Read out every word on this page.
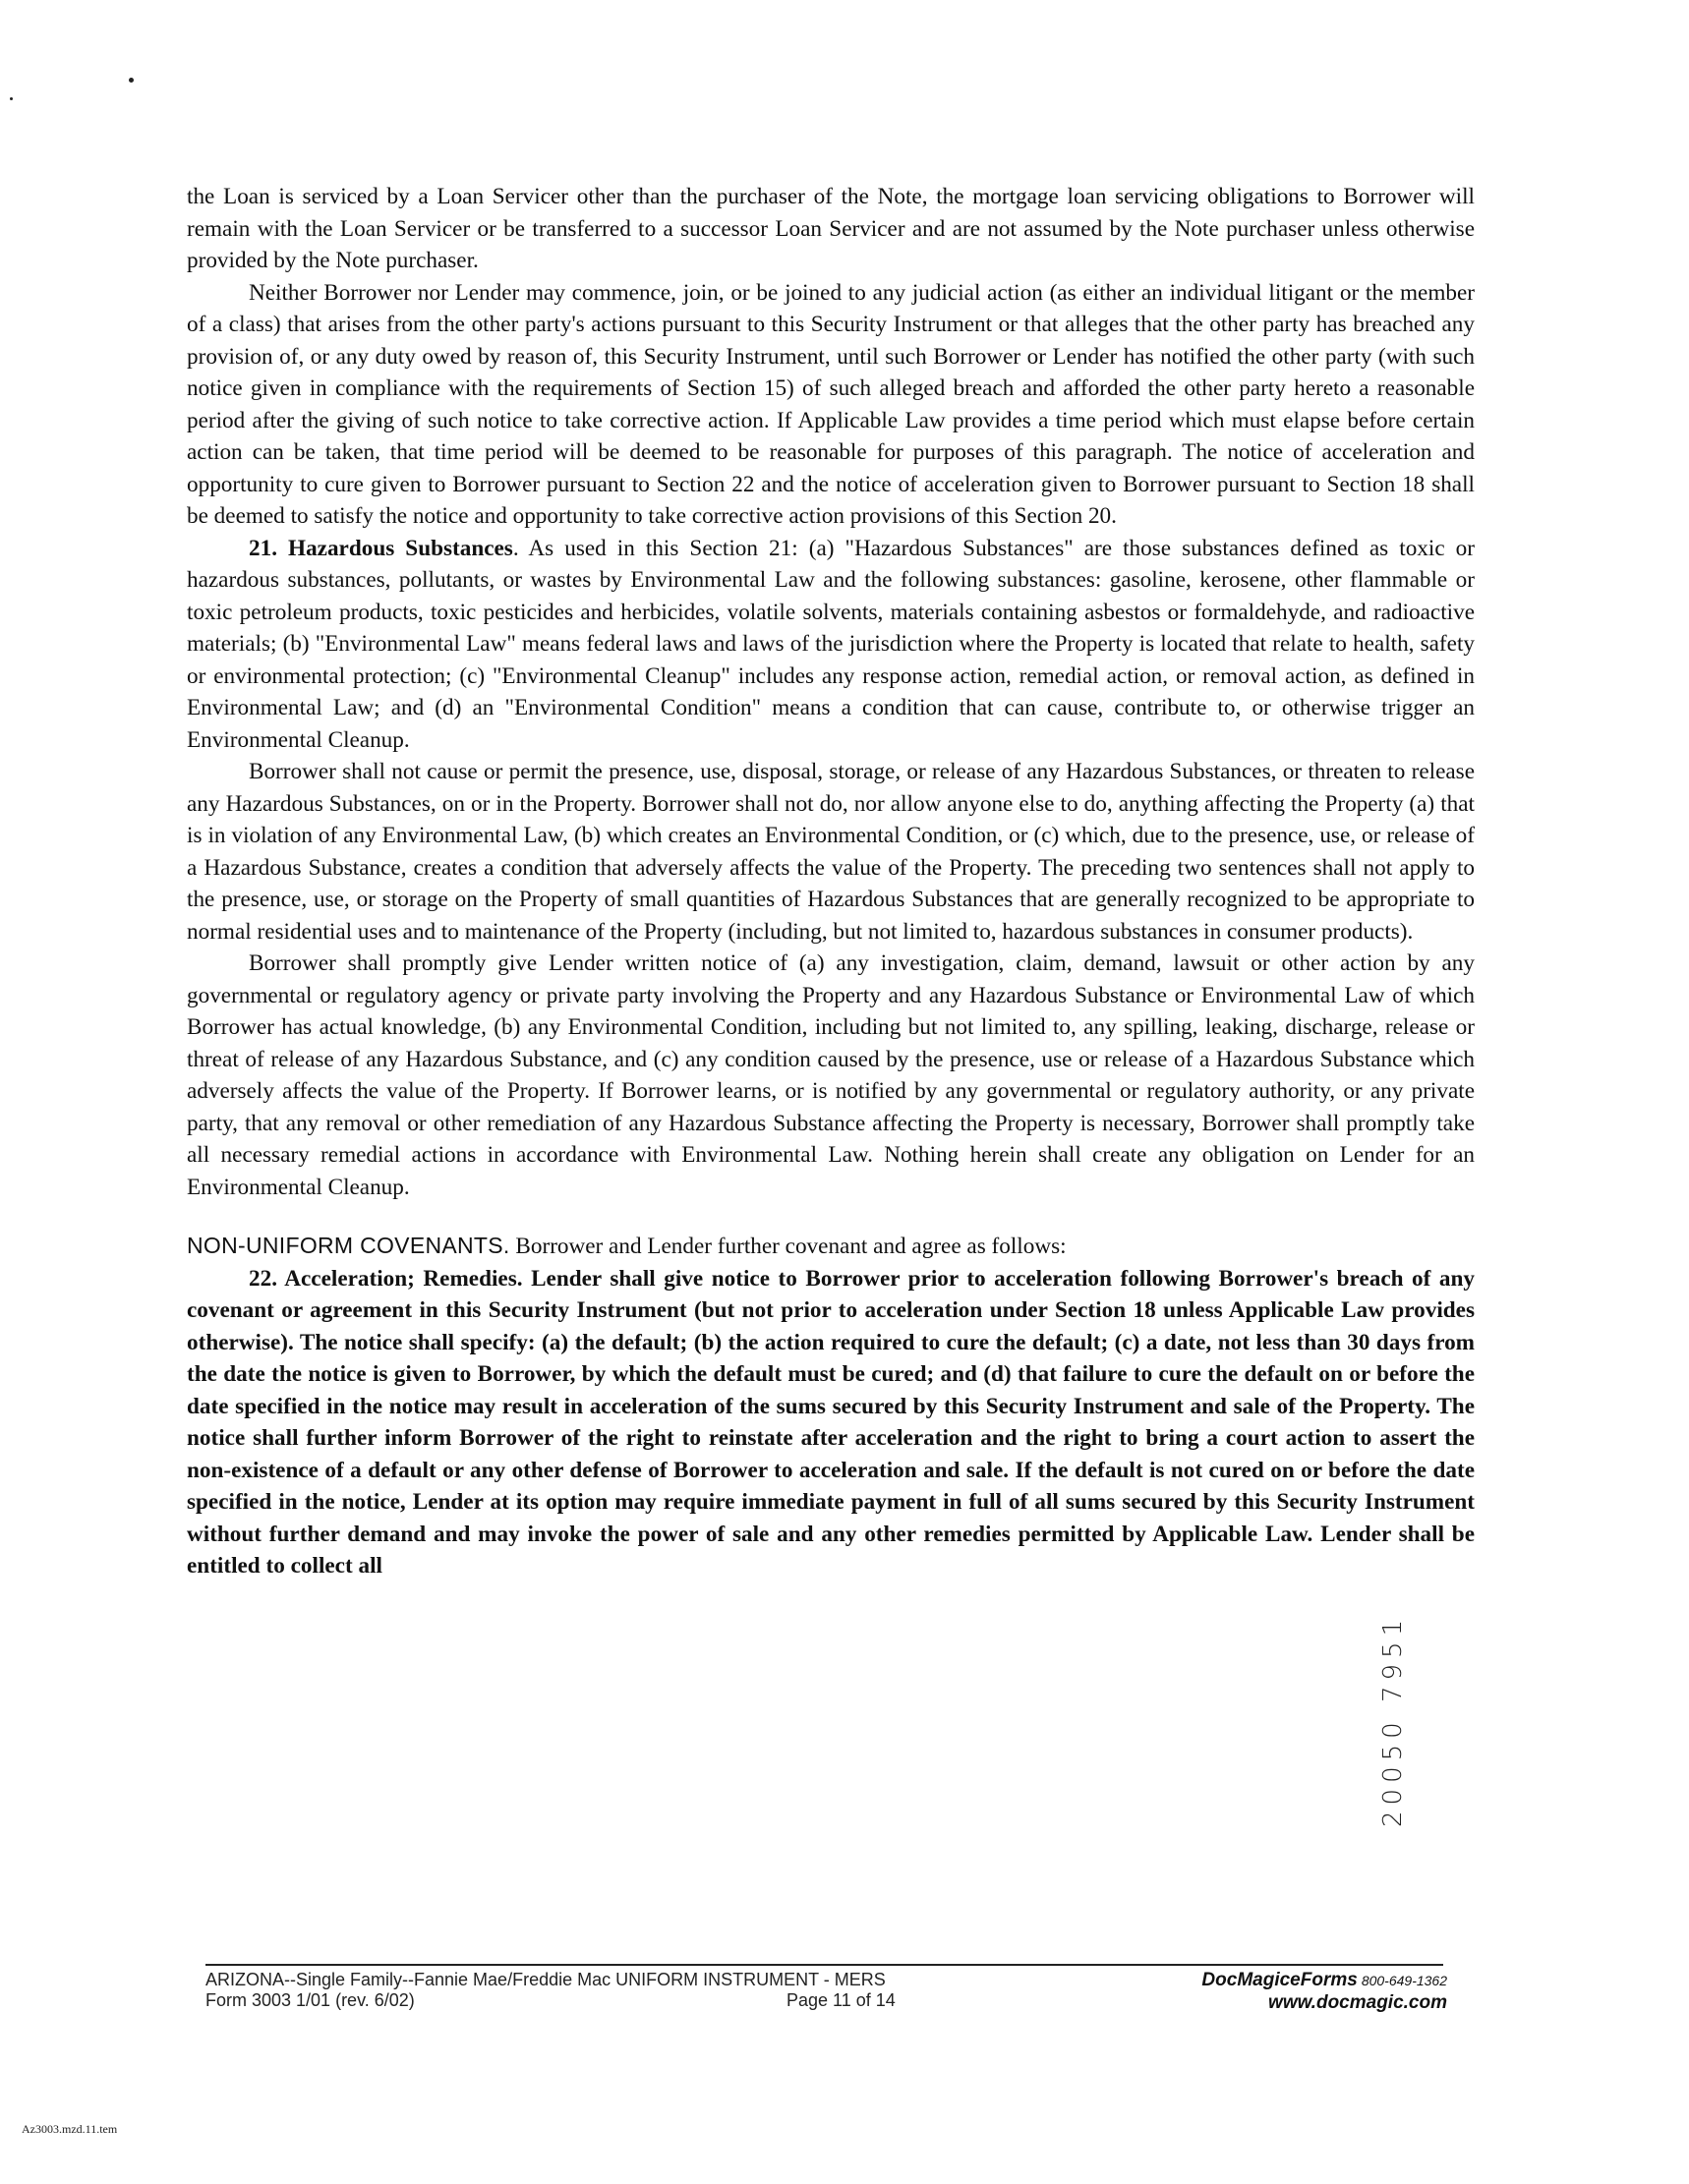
the Loan is serviced by a Loan Servicer other than the purchaser of the Note, the mortgage loan servicing obligations to Borrower will remain with the Loan Servicer or be transferred to a successor Loan Servicer and are not assumed by the Note purchaser unless otherwise provided by the Note purchaser.

Neither Borrower nor Lender may commence, join, or be joined to any judicial action (as either an individual litigant or the member of a class) that arises from the other party's actions pursuant to this Security Instrument or that alleges that the other party has breached any provision of, or any duty owed by reason of, this Security Instrument, until such Borrower or Lender has notified the other party (with such notice given in compliance with the requirements of Section 15) of such alleged breach and afforded the other party hereto a reasonable period after the giving of such notice to take corrective action. If Applicable Law provides a time period which must elapse before certain action can be taken, that time period will be deemed to be reasonable for purposes of this paragraph. The notice of acceleration and opportunity to cure given to Borrower pursuant to Section 22 and the notice of acceleration given to Borrower pursuant to Section 18 shall be deemed to satisfy the notice and opportunity to take corrective action provisions of this Section 20.

21. Hazardous Substances. As used in this Section 21: (a) "Hazardous Substances" are those substances defined as toxic or hazardous substances, pollutants, or wastes by Environmental Law and the following substances: gasoline, kerosene, other flammable or toxic petroleum products, toxic pesticides and herbicides, volatile solvents, materials containing asbestos or formaldehyde, and radioactive materials; (b) "Environmental Law" means federal laws and laws of the jurisdiction where the Property is located that relate to health, safety or environmental protection; (c) "Environmental Cleanup" includes any response action, remedial action, or removal action, as defined in Environmental Law; and (d) an "Environmental Condition" means a condition that can cause, contribute to, or otherwise trigger an Environmental Cleanup.

Borrower shall not cause or permit the presence, use, disposal, storage, or release of any Hazardous Substances, or threaten to release any Hazardous Substances, on or in the Property. Borrower shall not do, nor allow anyone else to do, anything affecting the Property (a) that is in violation of any Environmental Law, (b) which creates an Environmental Condition, or (c) which, due to the presence, use, or release of a Hazardous Substance, creates a condition that adversely affects the value of the Property. The preceding two sentences shall not apply to the presence, use, or storage on the Property of small quantities of Hazardous Substances that are generally recognized to be appropriate to normal residential uses and to maintenance of the Property (including, but not limited to, hazardous substances in consumer products).

Borrower shall promptly give Lender written notice of (a) any investigation, claim, demand, lawsuit or other action by any governmental or regulatory agency or private party involving the Property and any Hazardous Substance or Environmental Law of which Borrower has actual knowledge, (b) any Environmental Condition, including but not limited to, any spilling, leaking, discharge, release or threat of release of any Hazardous Substance, and (c) any condition caused by the presence, use or release of a Hazardous Substance which adversely affects the value of the Property. If Borrower learns, or is notified by any governmental or regulatory authority, or any private party, that any removal or other remediation of any Hazardous Substance affecting the Property is necessary, Borrower shall promptly take all necessary remedial actions in accordance with Environmental Law. Nothing herein shall create any obligation on Lender for an Environmental Cleanup.

NON-UNIFORM COVENANTS. Borrower and Lender further covenant and agree as follows:

22. Acceleration; Remedies. Lender shall give notice to Borrower prior to acceleration following Borrower's breach of any covenant or agreement in this Security Instrument (but not prior to acceleration under Section 18 unless Applicable Law provides otherwise). The notice shall specify: (a) the default; (b) the action required to cure the default; (c) a date, not less than 30 days from the date the notice is given to Borrower, by which the default must be cured; and (d) that failure to cure the default on or before the date specified in the notice may result in acceleration of the sums secured by this Security Instrument and sale of the Property. The notice shall further inform Borrower of the right to reinstate after acceleration and the right to bring a court action to assert the non-existence of a default or any other defense of Borrower to acceleration and sale. If the default is not cured on or before the date specified in the notice, Lender at its option may require immediate payment in full of all sums secured by this Security Instrument without further demand and may invoke the power of sale and any other remedies permitted by Applicable Law. Lender shall be entitled to collect all

20050 7951
ARIZONA--Single Family--Fannie Mae/Freddie Mac UNIFORM INSTRUMENT - MERS
Form 3003 1/01 (rev. 6/02)	Page 11 of 14
DocMagiceForms 800-649-1362
www.docmagic.com
Az3003.mzd.11.tem
